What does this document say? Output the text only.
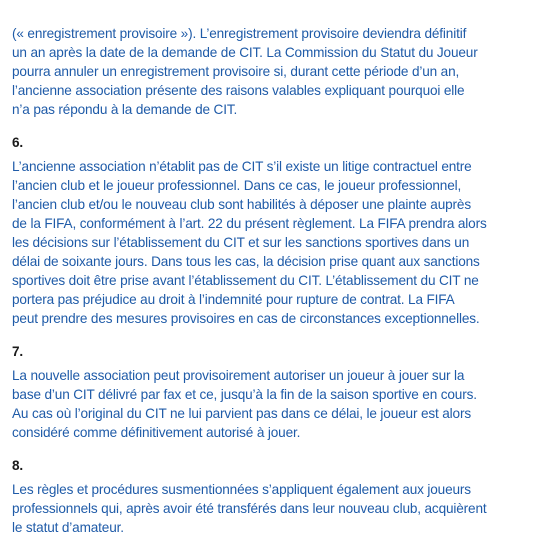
(« enregistrement provisoire »). L’enregistrement provisoire deviendra définitif
un an après la date de la demande de CIT. La Commission du Statut du Joueur
pourra annuler un enregistrement provisoire si, durant cette période d’un an,
l’ancienne association présente des raisons valables expliquant pourquoi elle
n’a pas répondu à la demande de CIT.

6.

L’ancienne association n’établit pas de CIT s’il existe un litige contractuel entre
l’ancien club et le joueur professionnel. Dans ce cas, le joueur professionnel,
l’ancien club et/ou le nouveau club sont habilités à déposer une plainte auprès
de la FIFA, conformément à l’art. 22 du présent règlement. La FIFA prendra alors
les décisions sur l’établissement du CIT et sur les sanctions sportives dans un
délai de soixante jours. Dans tous les cas, la décision prise quant aux sanctions
sportives doit être prise avant l’établissement du CIT. L’établissement du CIT ne
portera pas préjudice au droit à l’indemnité pour rupture de contrat. La FIFA
peut prendre des mesures provisoires en cas de circonstances exceptionnelles.

7.

La nouvelle association peut provisoirement autoriser un joueur à jouer sur la
base d’un CIT délivré par fax et ce, jusqu’à la fin de la saison sportive en cours.
Au cas où l’original du CIT ne lui parvient pas dans ce délai, le joueur est alors
considéré comme définitivement autorisé à jouer.

8.

Les règles et procédures susmentionnées s’appliquent également aux joueurs
professionnels qui, après avoir été transférés dans leur nouveau club, acquièrent
le statut d’amateur.
